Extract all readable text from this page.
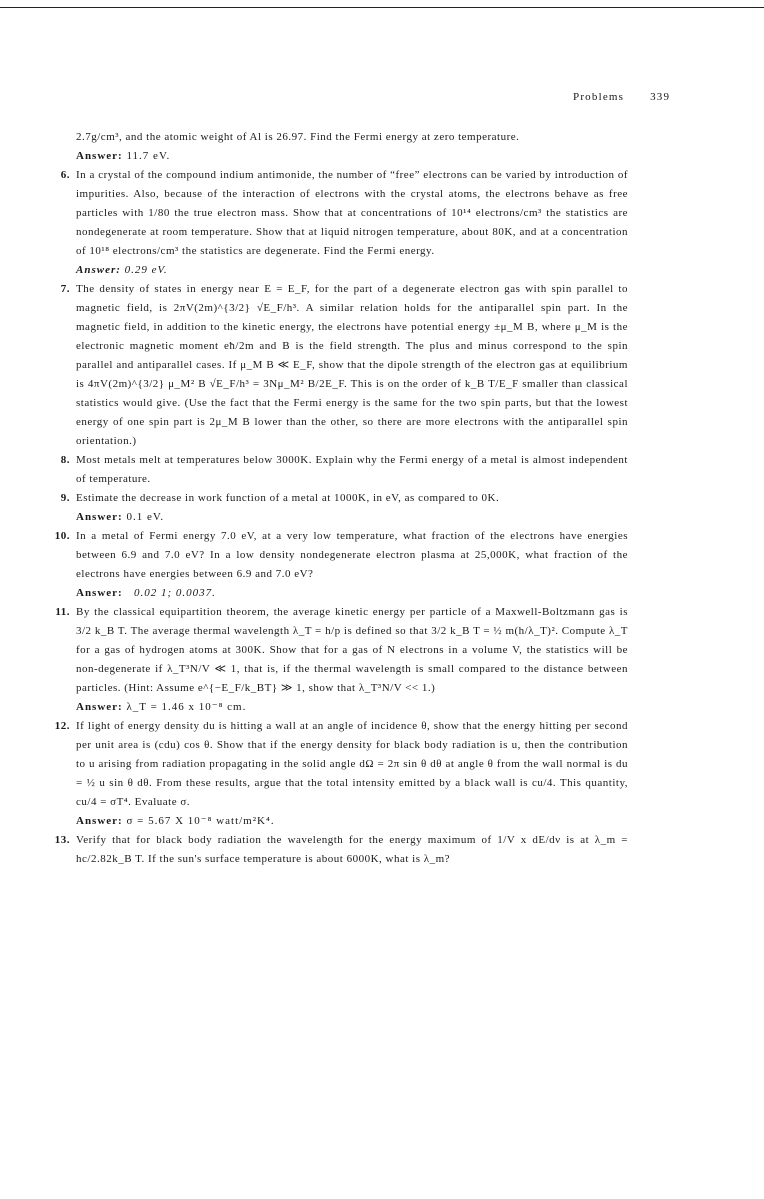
Problems 339
2.7g/cm³, and the atomic weight of Al is 26.97. Find the Fermi energy at zero temperature.
Answer: 11.7 eV.
6. In a crystal of the compound indium antimonide, the number of “free” electrons can be varied by introduction of impurities. Also, because of the interaction of electrons with the crystal atoms, the electrons behave as free particles with 1/80 the true electron mass. Show that at concentrations of 10¹⁴ electrons/cm³ the statistics are nondegenerate at room temperature. Show that at liquid nitrogen temperature, about 80K, and at a concentration of 10¹⁸ electrons/cm³ the statistics are degenerate. Find the Fermi energy.
Answer: 0.29 eV.
7. The density of states in energy near E = E_F, for the part of a degenerate electron gas with spin parallel to magnetic field, is 2πV(2m)^{3/2} √E_F/h³. A similar relation holds for the antiparallel spin part. In the magnetic field, in addition to the kinetic energy, the electrons have potential energy ±μ_M B, where μ_M is the electronic magnetic moment eħ/2m and B is the field strength. The plus and minus correspond to the spin parallel and antiparallel cases. If μ_M B ≪ E_F, show that the dipole strength of the electron gas at equilibrium is 4πV(2m)^{3/2} μ_M² B √E_F/h³ = 3Nμ_M² B/2E_F. This is on the order of k_B T/E_F smaller than classical statistics would give. (Use the fact that the Fermi energy is the same for the two spin parts, but that the lowest energy of one spin part is 2μ_M B lower than the other, so there are more electrons with the antiparallel spin orientation.)
8. Most metals melt at temperatures below 3000K. Explain why the Fermi energy of a metal is almost independent of temperature.
9. Estimate the decrease in work function of a metal at 1000K, in eV, as compared to 0K.
Answer: 0.1 eV.
10. In a metal of Fermi energy 7.0 eV, at a very low temperature, what fraction of the electrons have energies between 6.9 and 7.0 eV? In a low density nondegenerate electron plasma at 25,000K, what fraction of the electrons have energies between 6.9 and 7.0 eV?
Answer: 0.02 1; 0.0037.
11. By the classical equipartition theorem, the average kinetic energy per particle of a Maxwell-Boltzmann gas is 3/2 k_B T. The average thermal wavelength λ_T = h/p is defined so that 3/2 k_B T = ½ m(h/λ_T)². Compute λ_T for a gas of hydrogen atoms at 300K. Show that for a gas of N electrons in a volume V, the statistics will be non-degenerate if λ_T³N/V ≪ 1, that is, if the thermal wavelength is small compared to the distance between particles. (Hint: Assume e^{−E_F/k_BT} ≫ 1, show that λ_T³N/V << 1.)
Answer: λ_T = 1.46 x 10⁻⁸ cm.
12. If light of energy density du is hitting a wall at an angle of incidence θ, show that the energy hitting per second per unit area is (cdu) cos θ. Show that if the energy density for black body radiation is u, then the contribution to u arising from radiation propagating in the solid angle dΩ = 2π sin θ dθ at angle θ from the wall normal is du = ½ u sin θ dθ. From these results, argue that the total intensity emitted by a black wall is cu/4. This quantity, cu/4 = σT⁴. Evaluate σ.
Answer: σ = 5.67 X 10⁻⁸ watt/m²K⁴.
13. Verify that for black body radiation the wavelength for the energy maximum of 1/V x dE/dν is at λ_m = hc/2.82k_B T. If the sun's surface temperature is about 6000K, what is λ_m?
